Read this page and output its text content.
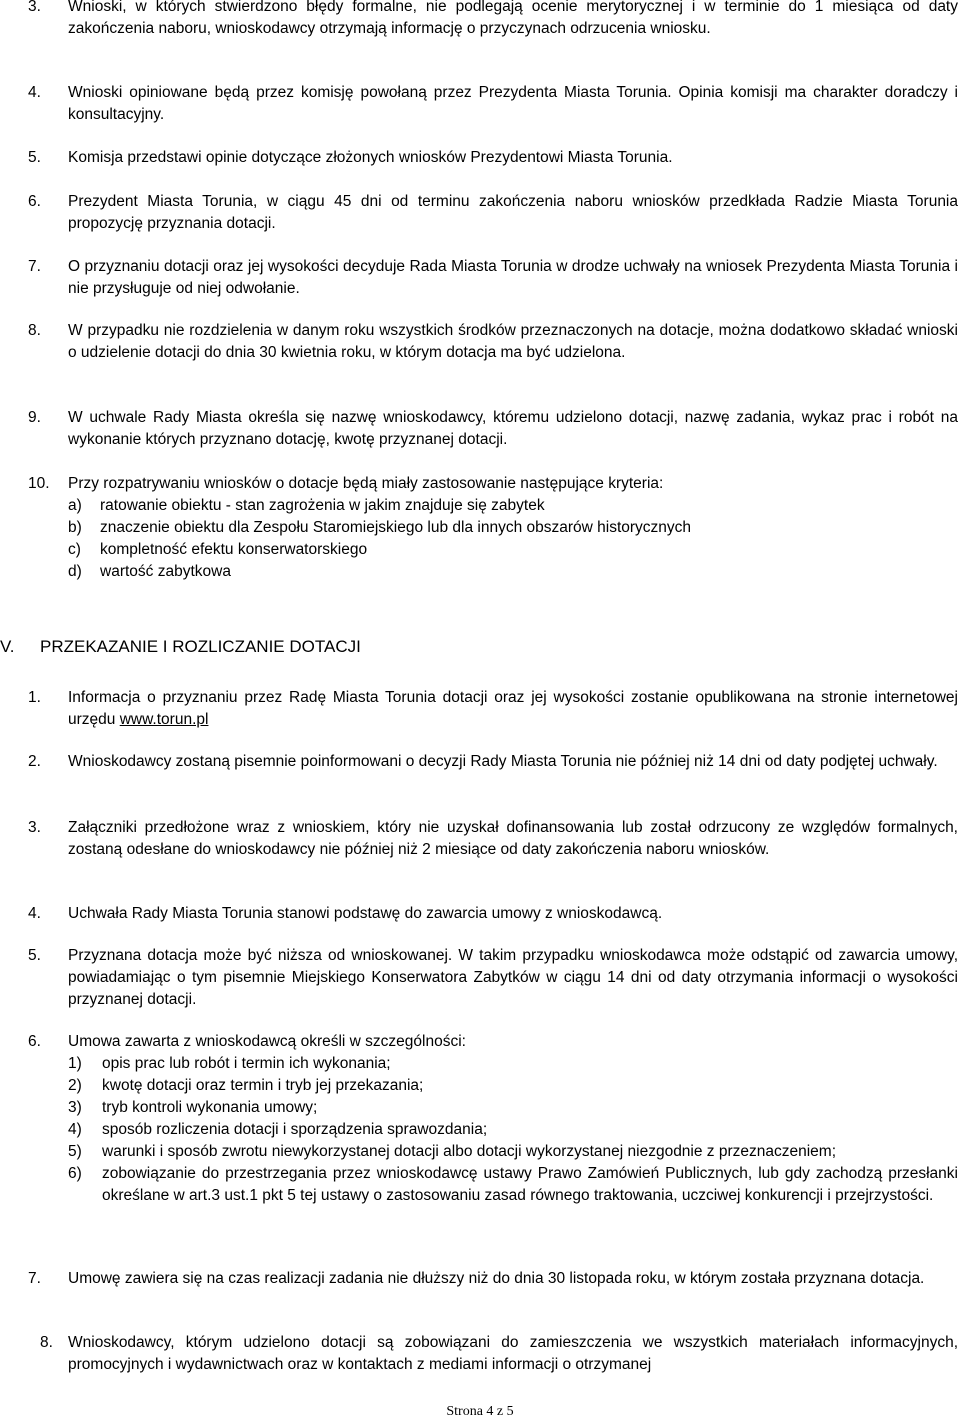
3.	Wnioski, w których stwierdzono błędy formalne, nie podlegają ocenie merytorycznej i w terminie do 1 miesiąca od daty zakończenia naboru, wnioskodawcy otrzymają informację o przyczynach odrzucenia wniosku.
4.	Wnioski opiniowane będą przez komisję powołaną przez Prezydenta Miasta Torunia. Opinia komisji ma charakter doradczy i konsultacyjny.
5.	Komisja przedstawi opinie dotyczące złożonych wniosków Prezydentowi Miasta Torunia.
6.	Prezydent Miasta Torunia, w ciągu 45 dni od terminu zakończenia naboru wniosków przedkłada Radzie Miasta Torunia propozycję przyznania dotacji.
7.	O przyznaniu dotacji oraz jej wysokości decyduje Rada Miasta Torunia w drodze uchwały na wniosek Prezydenta Miasta Torunia i nie przysługuje od niej odwołanie.
8.	W przypadku nie rozdzielenia w danym roku wszystkich środków przeznaczonych na dotacje, można dodatkowo składać wnioski o udzielenie dotacji do dnia 30 kwietnia roku, w którym dotacja ma być udzielona.
9.	W uchwale Rady Miasta określa się nazwę wnioskodawcy, któremu udzielono dotacji, nazwę zadania, wykaz prac i robót na wykonanie których przyznano dotację, kwotę przyznanej dotacji.
10.	Przy rozpatrywaniu wniosków o dotacje będą miały zastosowanie następujące kryteria:
a) ratowanie obiektu - stan zagrożenia w jakim znajduje się zabytek
b) znaczenie obiektu dla Zespołu Staromiejskiego lub dla innych obszarów historycznych
c) kompletność efektu konserwatorskiego
d) wartość zabytkowa
V. PRZEKAZANIE I ROZLICZANIE DOTACJI
1.	Informacja o przyznaniu przez Radę Miasta Torunia dotacji oraz jej wysokości zostanie opublikowana na stronie internetowej urzędu www.torun.pl
2.	Wnioskodawcy zostaną pisemnie poinformowani o decyzji Rady Miasta Torunia nie później niż 14 dni od daty podjętej uchwały.
3.	Załączniki przedłożone wraz z wnioskiem, który nie uzyskał dofinansowania lub został odrzucony ze względów formalnych, zostaną odesłane do wnioskodawcy nie później niż 2 miesiące od daty zakończenia naboru wniosków.
4.	Uchwała Rady Miasta Torunia stanowi podstawę do zawarcia umowy z wnioskodawcą.
5.	Przyznana dotacja może być niższa od wnioskowanej. W takim przypadku wnioskodawca może odstąpić od zawarcia umowy, powiadamiając o tym pisemnie Miejskiego Konserwatora Zabytków w ciągu 14 dni od daty otrzymania informacji o wysokości przyznanej dotacji.
6.	Umowa zawarta z wnioskodawcą określi w szczególności:
1) opis prac lub robót i termin ich wykonania;
2) kwotę dotacji oraz termin i tryb jej przekazania;
3) tryb kontroli wykonania umowy;
4) sposób rozliczenia dotacji i sporządzenia sprawozdania;
5) warunki i sposób zwrotu niewykorzystanej dotacji albo dotacji wykorzystanej niezgodnie z przeznaczeniem;
6) zobowiązanie do przestrzegania przez wnioskodawcę ustawy Prawo Zamówień Publicznych, lub gdy zachodzą przesłanki określane w art.3 ust.1 pkt 5 tej ustawy o zastosowaniu zasad równego traktowania, uczciwej konkurencji i przejrzystości.
7.	Umowę zawiera się na czas realizacji zadania nie dłuższy niż do dnia 30 listopada roku, w którym została przyznana dotacja.
8. Wnioskodawcy, którym udzielono dotacji są zobowiązani do zamieszczenia we wszystkich materiałach informacyjnych, promocyjnych i wydawnictwach oraz w kontaktach z mediami informacji o otrzymanej
Strona 4 z 5
